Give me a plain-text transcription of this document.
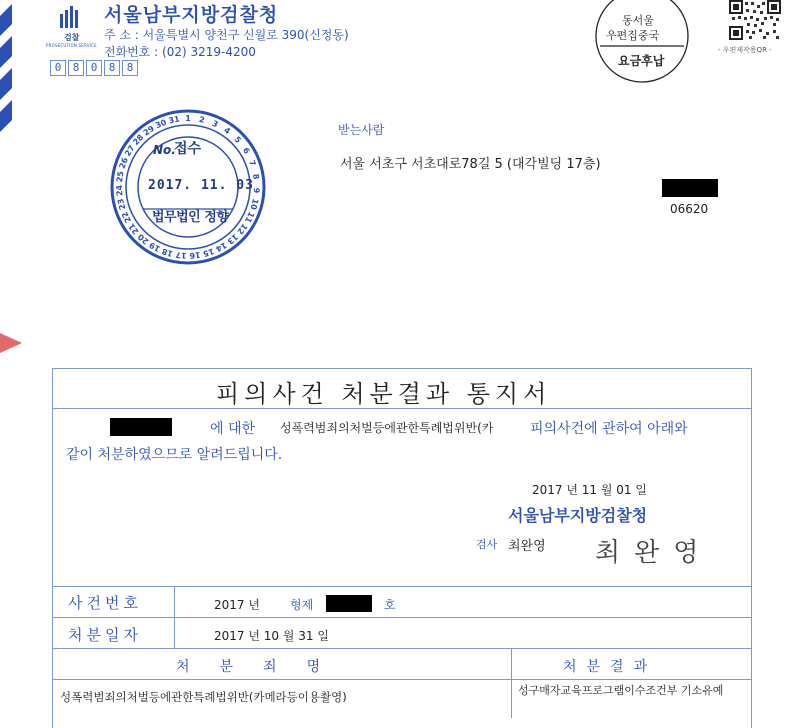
검찰
PROSECUTION SERVICE
서울남부지방검찰청
주 소 : 서울특별시 양천구 신월로 390(신정동)
전화번호 : (02) 3219-4200
0	8	0	8	8
동서울
우편집중국
요금후납
- 우편제작용QR -
1 2 3
4
5
6
7
8
9
10
11
12
13
14
15
16
17
18
19
20
21
22
23
24
25
26
27
28
29
30 31
No.
접수
2017. 11. 03
법무법인 정향
받는사람
서울 서초구 서초대로78길 5 (대각빌딩 17층)
06620
피의사건 처분결과 통지서
에 대한 성폭력범죄의처벌등에관한특례법위반(카	피의사건에 관하여 아래와
같이 처분하였으므로 알려드립니다.
2017 년 11 월 01 일
서울남부지방검찰청
검사 최완영 최완영
사건번호	2017 년	형제	호
처분일자	2017 년 10 월 31 일
처분죄명	처분결과
성폭력범죄의처벌등에관한특례법위반(카메라등이용촬영)	성구매자교육프로그램이수조건부 기소유예
